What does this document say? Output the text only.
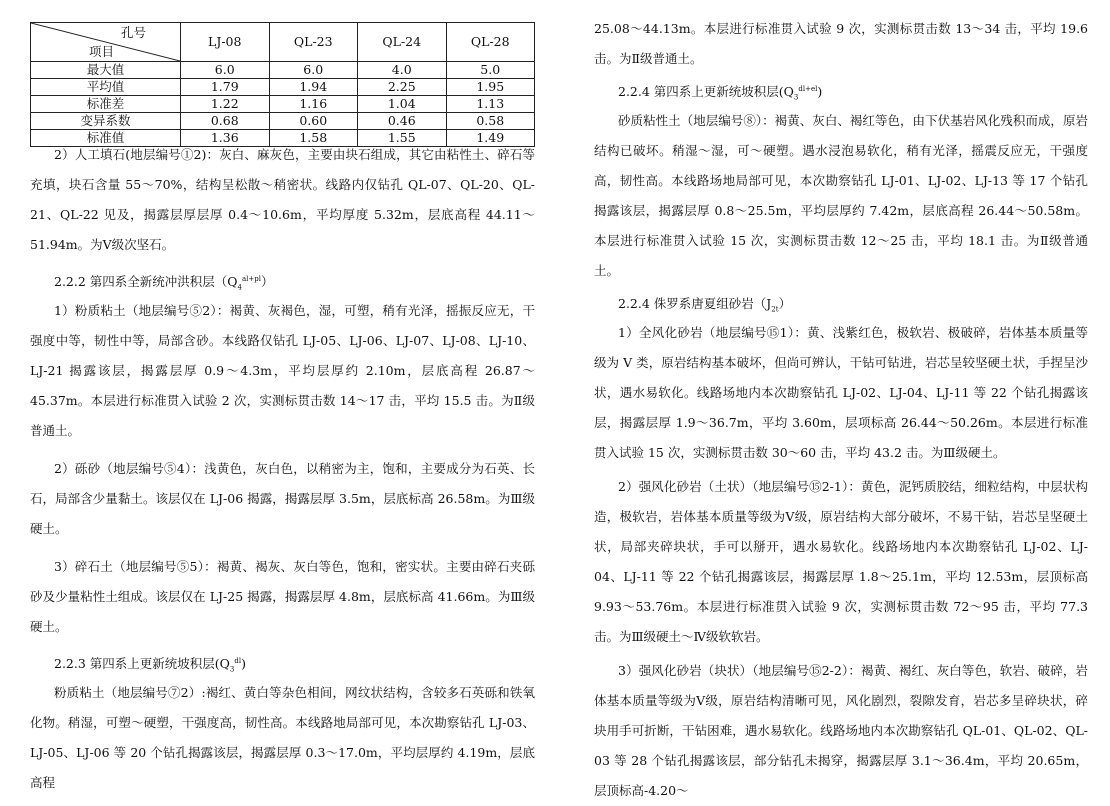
孔号
项目	LJ-08	QL-23	QL-24	QL-28
最大值	6.0	6.0	4.0	5.0
平均值	1.79	1.94	2.25	1.95
标准差	1.22	1.16	1.04	1.13
变异系数	0.68	0.60	0.46	0.58
标准值	1.36	1.58	1.55	1.49

2）人工填石(地层编号①2)：灰白、麻灰色，主要由块石组成，其它由粘性土、碎石等充填，块石含量 55～70%，结构呈松散～稍密状。线路内仅钻孔 QL-07、QL-20、QL-21、QL-22 见及，揭露层厚层厚 0.4～10.6m，平均厚度 5.32m，层底高程 44.11～51.94m。为Ⅴ级次坚石。

2.2.2 第四系全新统冲洪积层$(Q_4^{al+pl})$

1）粉质粘土（地层编号⑤2）：褐黄、灰褐色，湿，可塑，稍有光泽，摇振反应无，干强度中等，韧性中等，局部含砂。本线路仅钻孔 LJ-05、LJ-06、LJ-07、LJ-08、LJ-10、LJ-21 揭露该层，揭露层厚 0.9～4.3m，平均层厚约 2.10m，层底高程 26.87～45.37m。本层进行标准贯入试验 2 次，实测标贯击数 14～17 击，平均 15.5 击。为Ⅱ级普通土。

2）砾砂（地层编号⑤4）：浅黄色，灰白色，以稍密为主，饱和，主要成分为石英、长石，局部含少量黏土。该层仅在 LJ-06 揭露，揭露层厚 3.5m，层底标高 26.58m。为Ⅲ级硬土。

3）碎石土（地层编号⑤5）：褐黄、褐灰、灰白等色，饱和，密实状。主要由碎石夹砾砂及少量粘性土组成。该层仅在 LJ-25 揭露，揭露层厚 4.8m，层底标高 41.66m。为Ⅲ级硬土。

2.2.3 第四系上更新统坡积层$(Q_3^{dl})$

粉质粘土（地层编号⑦2）:褐红、黄白等杂色相间，网纹状结构，含较多石英砾和铁氧化物。稍湿，可塑～硬塑，干强度高，韧性高。本线路地局部可见，本次勘察钻孔 LJ-03、LJ-05、LJ-06 等 20 个钻孔揭露该层，揭露层厚 0.3～17.0m，平均层厚约 4.19m，层底高程

25.08～44.13m。本层进行标准贯入试验 9 次，实测标贯击数 13～34 击，平均 19.6 击。为Ⅱ级普通土。

2.2.4 第四系上更新统坡积层$(Q_3^{dl+el})$

砂质粘性土（地层编号⑧）：褐黄、灰白、褐红等色，由下伏基岩风化残积而成，原岩结构已破坏。稍湿～湿，可～硬塑。遇水浸泡易软化，稍有光泽，摇震反应无，干强度高，韧性高。本线路场地局部可见，本次勘察钻孔 LJ-01、LJ-02、LJ-13 等 17 个钻孔揭露该层，揭露层厚 0.8～25.5m，平均层厚约 7.42m，层底高程 26.44～50.58m。本层进行标准贯入试验 15 次，实测标贯击数 12～25 击，平均 18.1 击。为Ⅱ级普通土。

2.2.4 侏罗系唐夏组砂岩$(J_{2t})$

1）全风化砂岩（地层编号⑮1）：黄、浅紫红色，极软岩、极破碎，岩体基本质量等级为 V 类，原岩结构基本破坏，但尚可辨认，干钻可钻进，岩芯呈较坚硬土状，手捏呈沙状，遇水易软化。线路场地内本次勘察钻孔 LJ-02、LJ-04、LJ-11 等 22 个钻孔揭露该层，揭露层厚 1.9～36.7m，平均 3.60m，层项标高 26.44～50.26m。本层进行标准贯入试验 15 次，实测标贯击数 30～60 击，平均 43.2 击。为Ⅲ级硬土。

2）强风化砂岩（土状）（地层编号⑮2-1）：黄色，泥钙质胶结，细粒结构，中层状构造，极软岩，岩体基本质量等级为Ⅴ级，原岩结构大部分破坏，不易干钻，岩芯呈坚硬土状，局部夹碎块状，手可以掰开，遇水易软化。线路场地内本次勘察钻孔 LJ-02、LJ-04、LJ-11 等 22 个钻孔揭露该层，揭露层厚 1.8～25.1m，平均 12.53m，层顶标高 9.93～53.76m。本层进行标准贯入试验 9 次，实测标贯击数 72～95 击，平均 77.3 击。为Ⅲ级硬土～Ⅳ级软软岩。

3）强风化砂岩（块状）（地层编号⑮2-2）：褐黄、褐红、灰白等色，软岩、破碎，岩体基本质量等级为Ⅴ级，原岩结构清晰可见，风化剧烈，裂隙发育，岩芯多呈碎块状，碎块用手可折断，干钻困难，遇水易软化。线路场地内本次勘察钻孔 QL-01、QL-02、QL-03 等 28 个钻孔揭露该层，部分钻孔未揭穿，揭露层厚 3.1～36.4m，平均 20.65m，层顶标高-4.20～
